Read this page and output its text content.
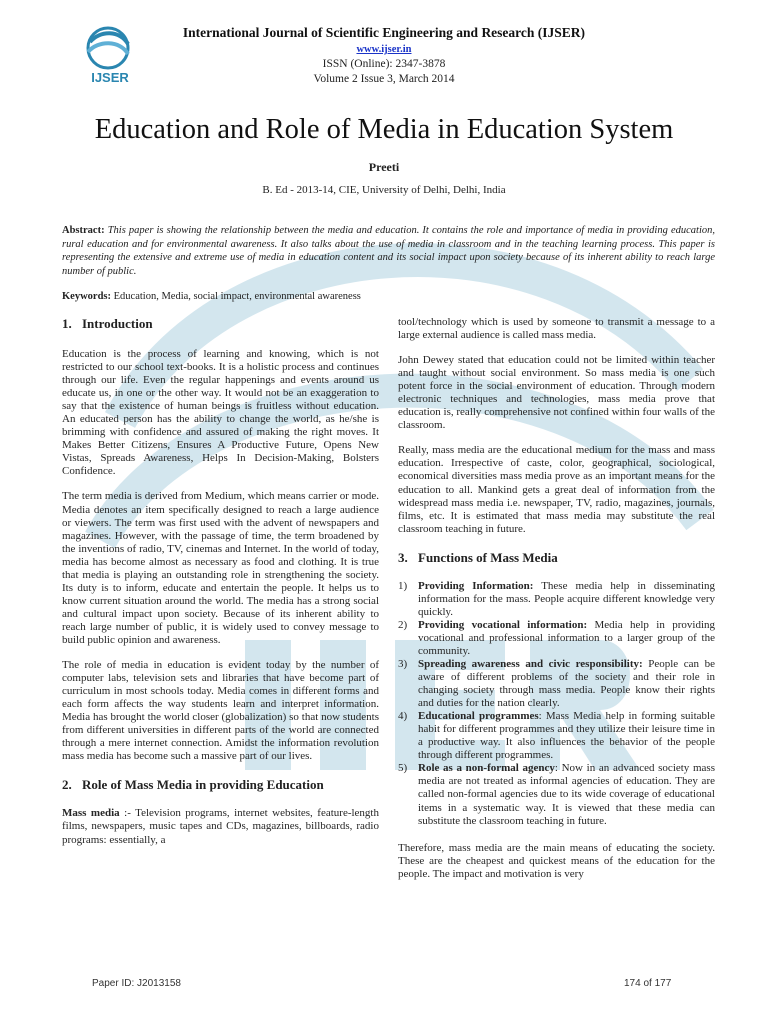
IJSER
International Journal of Scientific Engineering and Research (IJSER)
www.ijser.in
ISSN (Online): 2347-3878
Volume 2 Issue 3, March 2014
Education and Role of Media in Education System
Preeti
B. Ed - 2013-14, CIE, University of Delhi, Delhi, India
Abstract: This paper is showing the relationship between the media and education. It contains the role and importance of media in providing education, rural education and for environmental awareness. It also talks about the use of media in classroom and in the teaching learning process. This paper is representing the extensive and extreme use of media in education content and its social impact upon society because of its inherent ability to reach large number of public.
Keywords: Education, Media, social impact, environmental awareness
1. Introduction

Education is the process of learning and knowing, which is not restricted to our school text-books. It is a holistic process and continues through our life. Even the regular happenings and events around us educate us, in one or the other way. It would not be an exaggeration to say that the existence of human beings is fruitless without education. An educated person has the ability to change the world, as he/she is brimming with confidence and assured of making the right moves. It Makes Better Citizens, Ensures A Productive Future, Opens New Vistas, Spreads Awareness, Helps In Decision-Making, Bolsters Confidence.

The term media is derived from Medium, which means carrier or mode. Media denotes an item specifically designed to reach a large audience or viewers. The term was first used with the advent of newspapers and magazines. However, with the passage of time, the term broadened by the inventions of radio, TV, cinemas and Internet. In the world of today, media has become almost as necessary as food and clothing. It is true that media is playing an outstanding role in strengthening the society. Its duty is to inform, educate and entertain the people. It helps us to know current situation around the world. The media has a strong social and cultural impact upon society. Because of its inherent ability to reach large number of public, it is widely used to convey message to build public opinion and awareness.

The role of media in education is evident today by the number of computer labs, television sets and libraries that have become part of curriculum in most schools today. Media comes in different forms and each form affects the way students learn and interpret information. Media has brought the world closer (globalization) so that now students from different universities in different parts of the world are connected through a mere internet connection. Amidst the information revolution mass media has become such a massive part of our lives.

2. Role of Mass Media in providing Education

Mass media :- Television programs, internet websites, feature-length films, newspapers, music tapes and CDs, magazines, billboards, radio programs: essentially, a

tool/technology which is used by someone to transmit a message to a large external audience is called mass media.

John Dewey stated that education could not be limited within teacher and taught without social environment. So mass media is one such potent force in the social environment of education. Through modern electronic techniques and technologies, mass media prove that education is, really comprehensive not confined within four walls of the classroom.

Really, mass media are the educational medium for the mass and mass education. Irrespective of caste, color, geographical, sociological, economical diversities mass media prove as an important means for the education to all. Mankind gets a great deal of information from the widespread mass media i.e. newspaper, TV, radio, magazines, journals, films, etc. It is estimated that mass media may substitute the real classroom teaching in future.

3. Functions of Mass Media
1) Providing Information: These media help in disseminating information for the mass. People acquire different knowledge very quickly.
2) Providing vocational information: Media help in providing vocational and professional information to a larger group of the community.
3) Spreading awareness and civic responsibility: People can be aware of different problems of the society and their role in changing society through mass media. People know their rights and duties for the nation clearly.
4) Educational programmes: Mass Media help in forming suitable habit for different programmes and they utilize their leisure time in a productive way. It also influences the behavior of the people through different programmes.
5) Role as a non-formal agency: Now in an advanced society mass media are not treated as informal agencies of education. They are called non-formal agencies due to its wide coverage of educational items in a systematic way. It is viewed that these media can substitute the classroom teaching in future.

Therefore, mass media are the main means of educating the society. These are the cheapest and quickest means of the education for the people. The impact and motivation is very

Paper ID: J2013158	174 of 177
